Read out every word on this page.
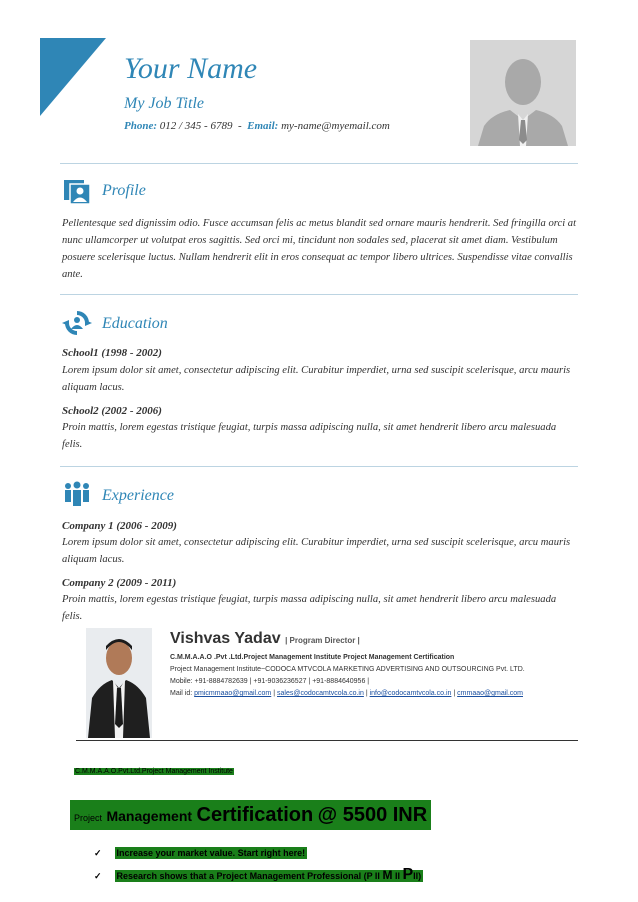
Your Name
My Job Title
Phone: 012 / 345 - 6789 - Email: my-name@myemail.com
Profile
Pellentesque sed dignissim odio. Fusce accumsan felis ac metus blandit sed ornare mauris hendrerit. Sed fringilla orci at nunc ullamcorper ut volutpat eros sagittis. Sed orci mi, tincidunt non sodales sed, placerat sit amet diam. Vestibulum posuere scelerisque luctus. Nullam hendrerit elit in eros consequat ac tempor libero ultrices. Suspendisse vitae convallis ante.
Education
School1 (1998 - 2002)
Lorem ipsum dolor sit amet, consectetur adipiscing elit. Curabitur imperdiet, urna sed suscipit scelerisque, arcu mauris aliquam lacus.
School2 (2002 - 2006)
Proin mattis, lorem egestas tristique feugiat, turpis massa adipiscing nulla, sit amet hendrerit libero arcu malesuada felis.
Experience
Company 1 (2006 - 2009)
Lorem ipsum dolor sit amet, consectetur adipiscing elit. Curabitur imperdiet, urna sed suscipit scelerisque, arcu mauris aliquam lacus.
Company 2 (2009 - 2011)
Proin mattis, lorem egestas tristique feugiat, turpis massa adipiscing nulla, sit amet hendrerit libero arcu malesuada felis.
Vishvas Yadav | Program Director |
C.M.M.A.A.O .Pvt .Ltd.Project Management Institute Project Management Certification
Project Management Institute~CODOCA MTVCOLA MARKETING ADVERTISING AND OUTSOURCING Pvt. LTD.
Mobile: +91-8884782639 | +91-9036236527 | +91-8884640956 |
Mail id: pmicmmaao@gmail.com | sales@codocamtvcola.co.in | info@codocamtvcola.co.in | cmmaao@gmail.com
C.M.M.A.A.O.Pvt.Ltd.Project Management Institute
Project Management Certification @ 5500 INR
✓ Increase your market value. Start right here!
✓ Research shows that a Project Management Professional (P II M II PII)
